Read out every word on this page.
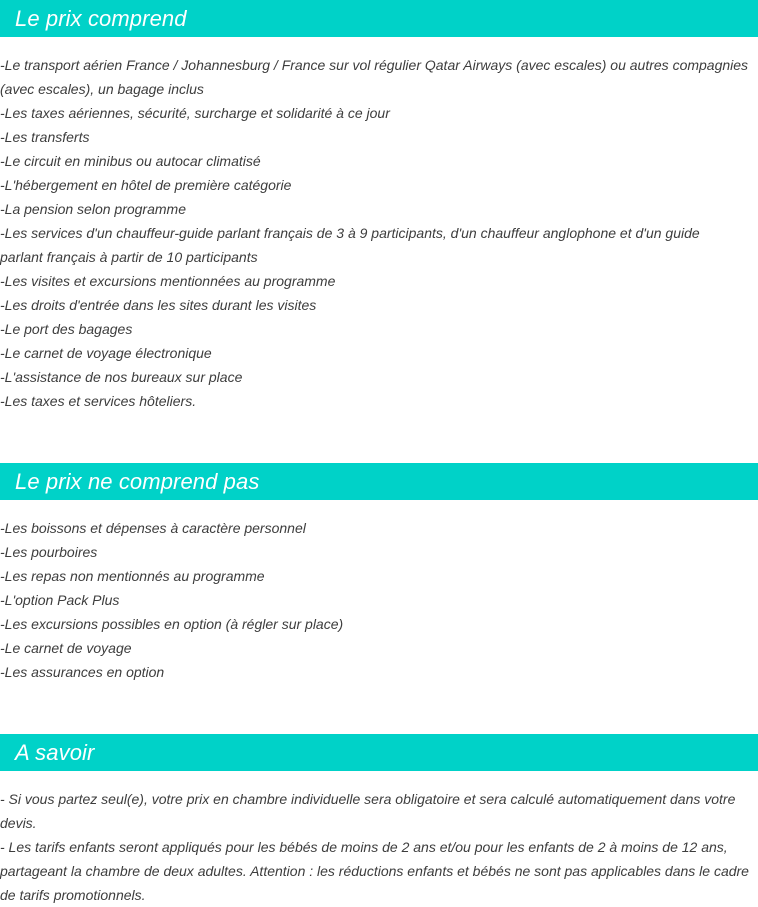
Le prix comprend

-Le transport aérien France / Johannesburg / France sur vol régulier Qatar Airways (avec escales) ou autres compagnies

(avec escales), un bagage inclus

-Les taxes aériennes, sécurité, surcharge et solidarité à ce jour

-Les transferts

-Le circuit en minibus ou autocar climatisé

-L'hébergement en hôtel de première catégorie

-La pension selon programme

-Les services d'un chauffeur-guide parlant français de 3 à 9 participants, d'un chauffeur anglophone et d'un guide

parlant français à partir de 10 participants

-Les visites et excursions mentionnées au programme

-Les droits d'entrée dans les sites durant les visites

-Le port des bagages

-Le carnet de voyage électronique

-L'assistance de nos bureaux sur place

-Les taxes et services hôteliers.

Le prix ne comprend pas

-Les boissons et dépenses à caractère personnel

-Les pourboires

-Les repas non mentionnés au programme

-L'option Pack Plus

-Les excursions possibles en option (à régler sur place)

-Le carnet de voyage

-Les assurances en option

A savoir

- Si vous partez seul(e), votre prix en chambre individuelle sera obligatoire et sera calculé automatiquement dans votre

devis.

- Les tarifs enfants seront appliqués pour les bébés de moins de 2 ans et/ou pour les enfants de 2 à moins de 12 ans,

partageant la chambre de deux adultes. Attention : les réductions enfants et bébés ne sont pas applicables dans le cadre

de tarifs promotionnels.
